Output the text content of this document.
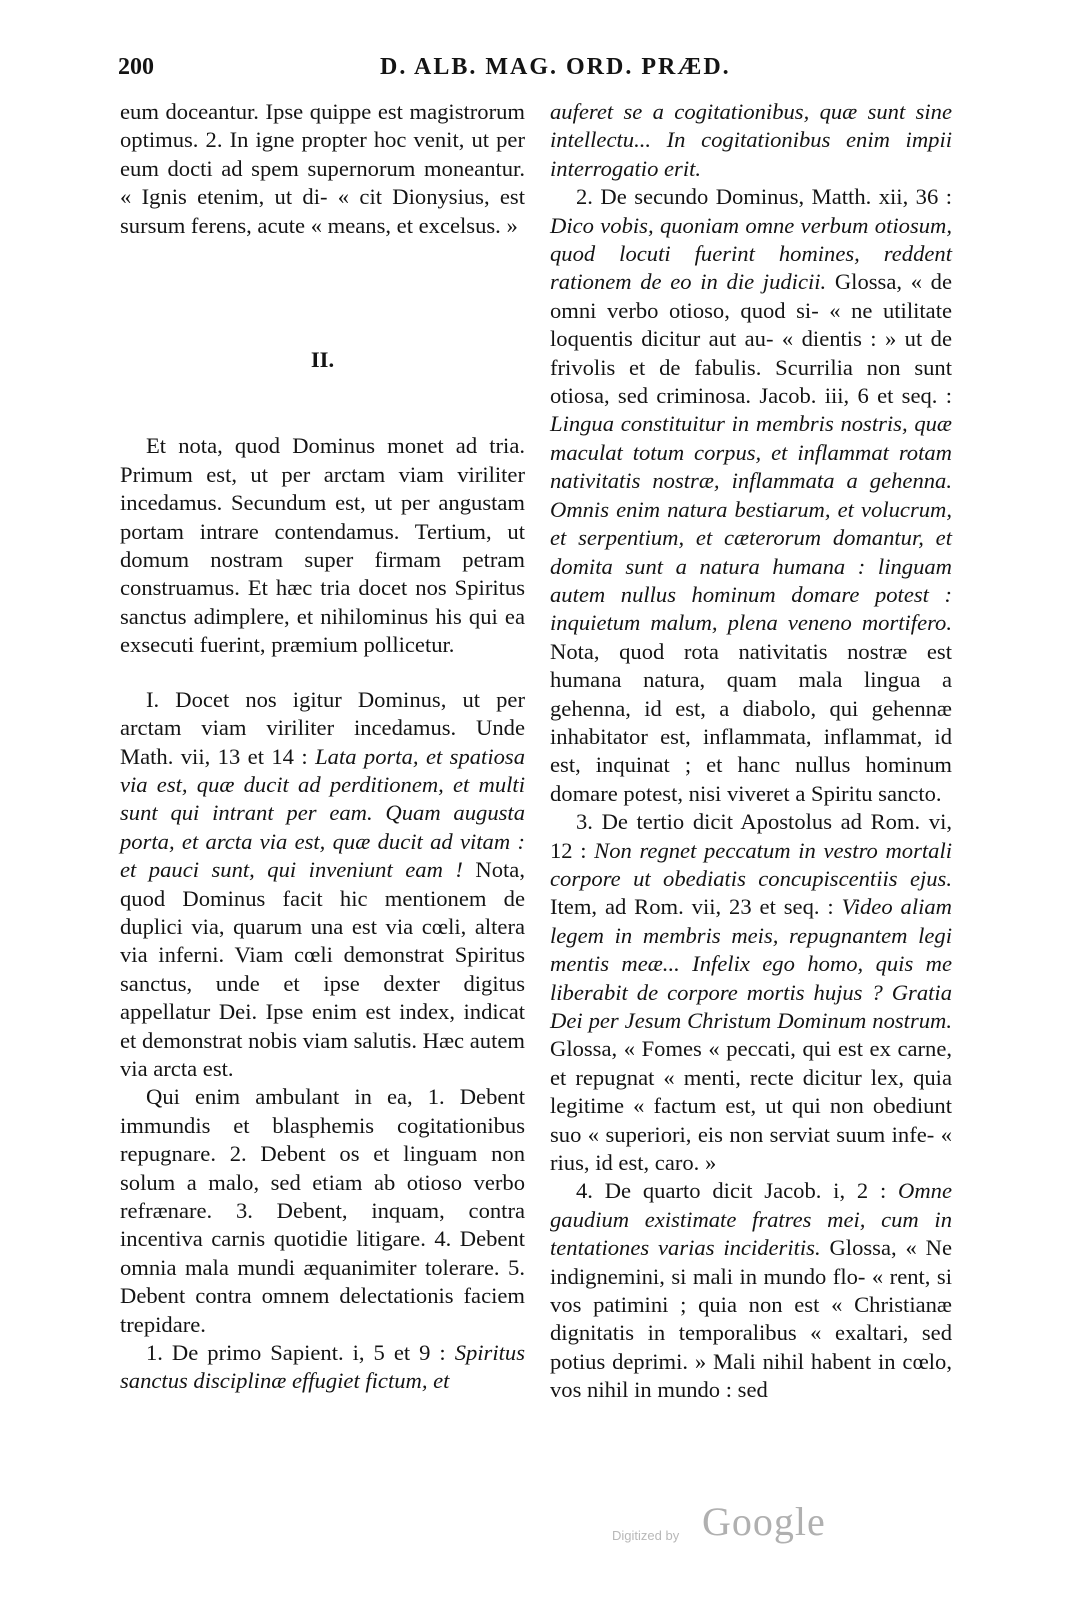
200	D. ALB. MAG. ORD. PRÆD.

eum doceantur. Ipse quippe est magistrorum optimus. 2. In igne propter hoc venit, ut per eum docti ad spem supernorum moneantur. « Ignis etenim, ut di- « cit Dionysius, est sursum ferens, acute « means, et excelsus. »

II.

Et nota, quod Dominus monet ad tria. Primum est, ut per arctam viam viriliter incedamus. Secundum est, ut per angustam portam intrare contendamus. Tertium, ut domum nostram super firmam petram construamus. Et hæc tria docet nos Spiritus sanctus adimplere, et nihilominus his qui ea exsecuti fuerint, præmium pollicetur.

I. Docet nos igitur Dominus, ut per arctam viam viriliter incedamus. Unde Math. vii, 13 et 14 : Lata porta, et spatiosa via est, quæ ducit ad perditionem, et multi sunt qui intrant per eam. Quam augusta porta, et arcta via est, quæ ducit ad vitam : et pauci sunt, qui inveniunt eam ! Nota, quod Dominus facit hic mentionem de duplici via, quarum una est via cœli, altera via inferni. Viam cœli demonstrat Spiritus sanctus, unde et ipse dexter digitus appellatur Dei. Ipse enim est index, indicat et demonstrat nobis viam salutis. Hæc autem via arcta est.

Qui enim ambulant in ea, 1. Debent immundis et blasphemis cogitationibus repugnare. 2. Debent os et linguam non solum a malo, sed etiam ab otioso verbo refrænare. 3. Debent, inquam, contra incentiva carnis quotidie litigare. 4. Debent omnia mala mundi æquanimiter tolerare. 5. Debent contra omnem delectationis faciem trepidare.

1. De primo Sapient. i, 5 et 9 : Spiritus sanctus disciplinæ effugiet fictum, et

auferet se a cogitationibus, quæ sunt sine intellectu... In cogitationibus enim impii interrogatio erit.

2. De secundo Dominus, Matth. xii, 36 : Dico vobis, quoniam omne verbum otiosum, quod locuti fuerint homines, reddent rationem de eo in die judicii. Glossa, « de omni verbo otioso, quod si- « ne utilitate loquentis dicitur aut au- « dientis : » ut de frivolis et de fabulis. Scurrilia non sunt otiosa, sed criminosa. Jacob. iii, 6 et seq. : Lingua constituitur in membris nostris, quæ maculat totum corpus, et inflammat rotam nativitatis nostræ, inflammata a gehenna. Omnis enim natura bestiarum, et volucrum, et serpentium, et cæterorum domantur, et domita sunt a natura humana : linguam autem nullus hominum domare potest : inquietum malum, plena veneno mortifero. Nota, quod rota nativitatis nostræ est humana natura, quam mala lingua a gehenna, id est, a diabolo, qui gehennæ inhabitator est, inflammata, inflammat, id est, inquinat ; et hanc nullus hominum domare potest, nisi viveret a Spiritu sancto.

3. De tertio dicit Apostolus ad Rom. vi, 12 : Non regnet peccatum in vestro mortali corpore ut obediatis concupiscentiis ejus. Item, ad Rom. vii, 23 et seq. : Video aliam legem in membris meis, repugnantem legi mentis meæ... Infelix ego homo, quis me liberabit de corpore mortis hujus ? Gratia Dei per Jesum Christum Dominum nostrum. Glossa, « Fomes « peccati, qui est ex carne, et repugnat « menti, recte dicitur lex, quia legitime « factum est, ut qui non obediunt suo « superiori, eis non serviat suum infe- « rius, id est, caro. »

4. De quarto dicit Jacob. i, 2 : Omne gaudium existimate fratres mei, cum in tentationes varias incideritis. Glossa, « Ne indignemini, si mali in mundo flo- « rent, si vos patimini ; quia non est « Christianæ dignitatis in temporalibus « exaltari, sed potius deprimi. » Mali nihil habent in cœlo, vos nihil in mundo : sed

Digitized by Google
